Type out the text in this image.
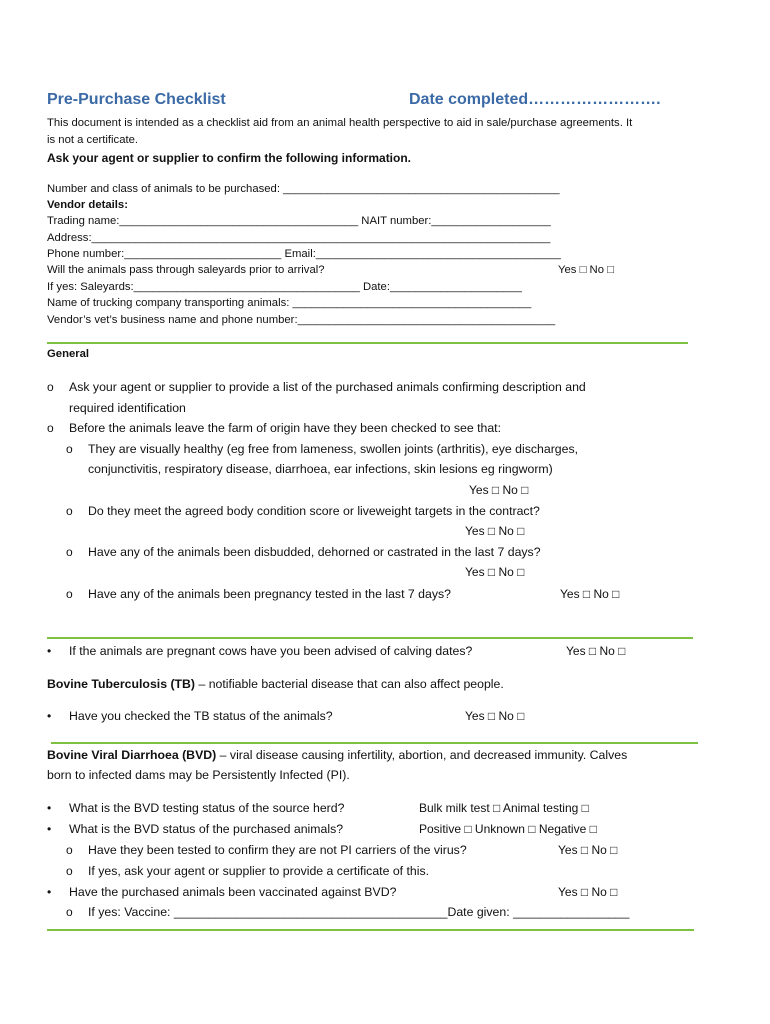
Pre-Purchase Checklist	Date completed…………………….
This document is intended as a checklist aid from an animal health perspective to aid in sale/purchase agreements. It
is not a certificate.
Ask your agent or supplier to confirm the following information.
Number and class of animals to be purchased: ____________________________________________
Vendor details:
Trading name:______________________________________ NAIT number:___________________
Address:_________________________________________________________________________
Phone number:_________________________ Email:_______________________________________
Will the animals pass through saleyards prior to arrival?	Yes □ No □
If yes: Saleyards:____________________________________ Date:_____________________
Name of trucking company transporting animals: ______________________________________
Vendor’s vet’s business name and phone number:_________________________________________
General
o Ask your agent or supplier to provide a list of the purchased animals confirming description and
required identification
o Before the animals leave the farm of origin have they been checked to see that:
o They are visually healthy (eg free from lameness, swollen joints (arthritis), eye discharges,
conjunctivitis, respiratory disease, diarrhoea, ear infections, skin lesions eg ringworm)
Yes □ No □
o Do they meet the agreed body condition score or liveweight targets in the contract?
Yes □ No □
o Have any of the animals been disbudded, dehorned or castrated in the last 7 days?
Yes □ No □
o Have any of the animals been pregnancy tested in the last 7 days?	Yes □ No □
• If the animals are pregnant cows have you been advised of calving dates?	Yes □ No □
Bovine Tuberculosis (TB) – notifiable bacterial disease that can also affect people.
• Have you checked the TB status of the animals?	Yes □ No □
Bovine Viral Diarrhoea (BVD) – viral disease causing infertility, abortion, and decreased immunity. Calves
born to infected dams may be Persistently Infected (PI).
• What is the BVD testing status of the source herd?	Bulk milk test □ Animal testing □
• What is the BVD status of the purchased animals?	Positive □ Unknown □ Negative □
o Have they been tested to confirm they are not PI carriers of the virus?	Yes □ No □
o If yes, ask your agent or supplier to provide a certificate of this.
• Have the purchased animals been vaccinated against BVD?	Yes □ No □
o If yes: Vaccine: ________________________________________Date given: _________________
